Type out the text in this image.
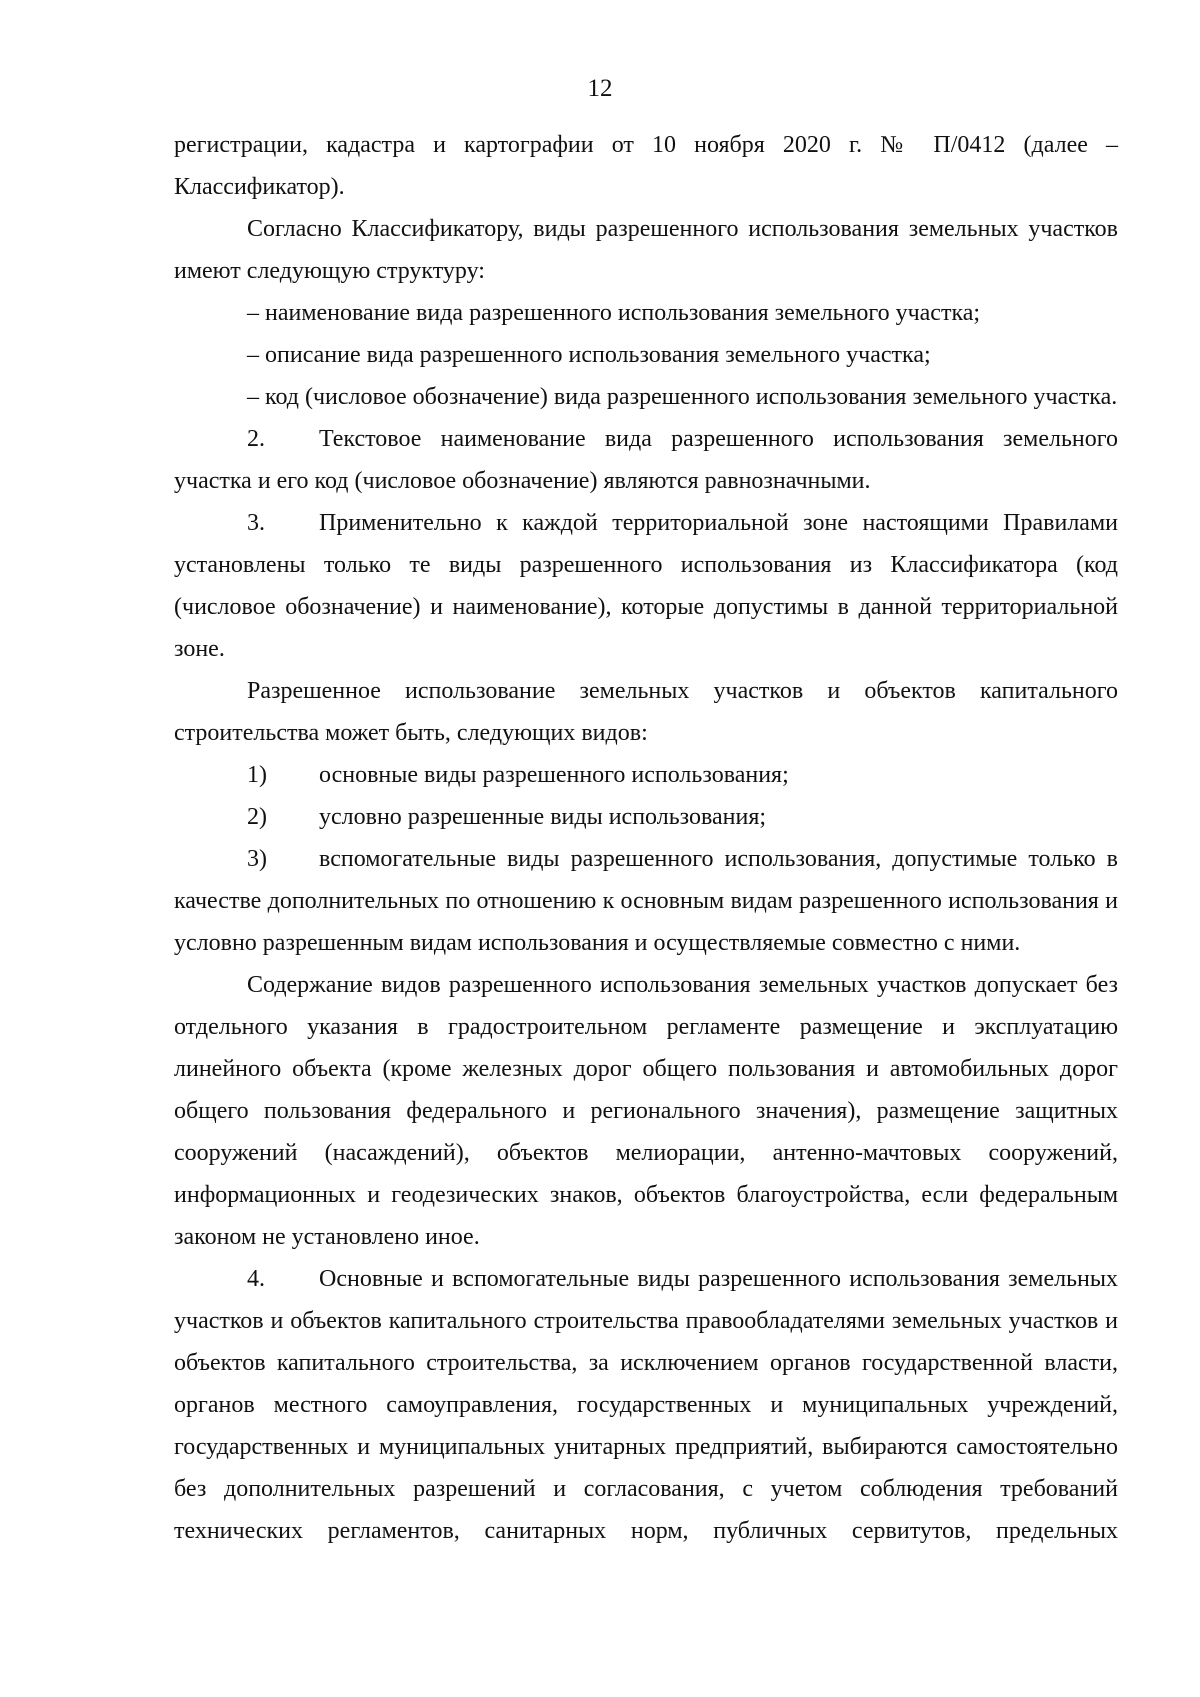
12

регистрации, кадастра и картографии от 10 ноября 2020 г. № П/0412 (далее – Классификатор).

Согласно Классификатору, виды разрешенного использования земельных участков имеют следующую структуру:

– наименование вида разрешенного использования земельного участка;

– описание вида разрешенного использования земельного участка;

– код (числовое обозначение) вида разрешенного использования земельного участка.

2. Текстовое наименование вида разрешенного использования земельного участка и его код (числовое обозначение) являются равнозначными.

3. Применительно к каждой территориальной зоне настоящими Правилами установлены только те виды разрешенного использования из Классификатора (код (числовое обозначение) и наименование), которые допустимы в данной территориальной зоне.

Разрешенное использование земельных участков и объектов капитального строительства может быть, следующих видов:

1) основные виды разрешенного использования;

2) условно разрешенные виды использования;

3) вспомогательные виды разрешенного использования, допустимые только в качестве дополнительных по отношению к основным видам разрешенного использования и условно разрешенным видам использования и осуществляемые совместно с ними.

Содержание видов разрешенного использования земельных участков допускает без отдельного указания в градостроительном регламенте размещение и эксплуатацию линейного объекта (кроме железных дорог общего пользования и автомобильных дорог общего пользования федерального и регионального значения), размещение защитных сооружений (насаждений), объектов мелиорации, антенно-мачтовых сооружений, информационных и геодезических знаков, объектов благоустройства, если федеральным законом не установлено иное.

4. Основные и вспомогательные виды разрешенного использования земельных участков и объектов капитального строительства правообладателями земельных участков и объектов капитального строительства, за исключением органов государственной власти, органов местного самоуправления, государственных и муниципальных учреждений, государственных и муниципальных унитарных предприятий, выбираются самостоятельно без дополнительных разрешений и согласования, с учетом соблюдения требований технических регламентов, санитарных норм, публичных сервитутов, предельных
